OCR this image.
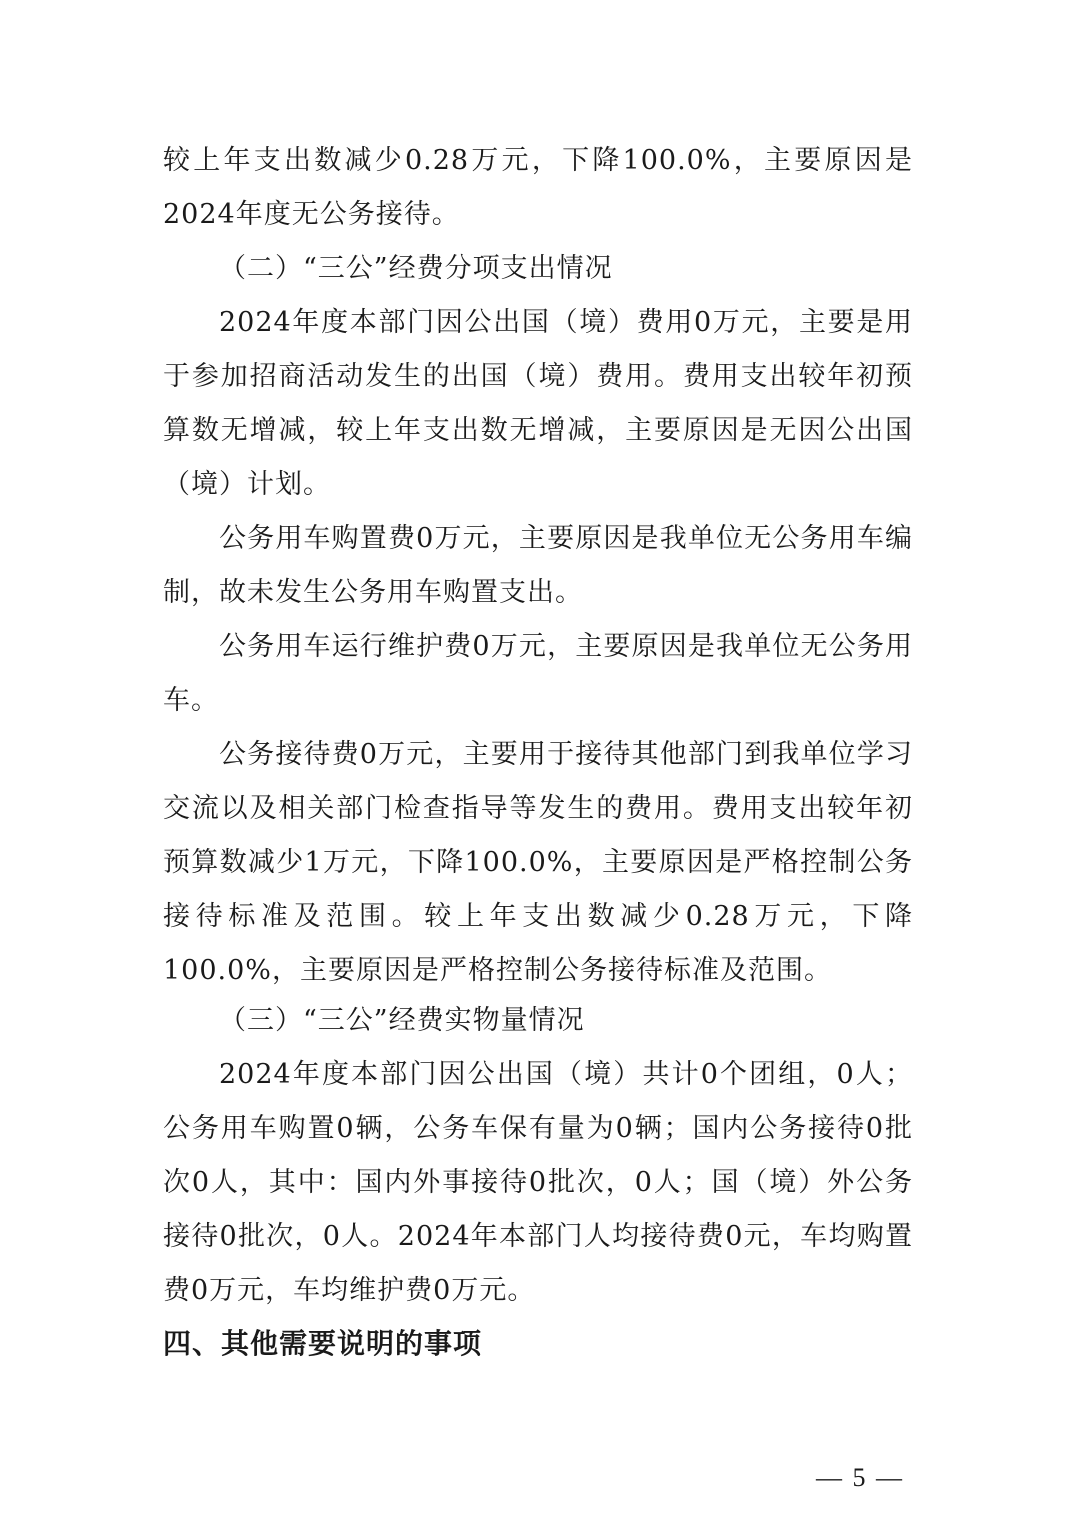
较上年支出数减少0.28万元，下降100.0%，主要原因是2024年度无公务接待。

（二）“三公”经费分项支出情况

2024年度本部门因公出国（境）费用0万元，主要是用于参加招商活动发生的出国（境）费用。费用支出较年初预算数无增减，较上年支出数无增减，主要原因是无因公出国（境）计划。

公务用车购置费0万元，主要原因是我单位无公务用车编制，故未发生公务用车购置支出。

公务用车运行维护费0万元，主要原因是我单位无公务用车。

公务接待费0万元，主要用于接待其他部门到我单位学习交流以及相关部门检查指导等发生的费用。费用支出较年初预算数减少1万元，下降100.0%，主要原因是严格控制公务接待标准及范围。较上年支出数减少0.28万元，下降100.0%，主要原因是严格控制公务接待标准及范围。

（三）“三公”经费实物量情况

2024年度本部门因公出国（境）共计0个团组，0人；公务用车购置0辆，公务车保有量为0辆；国内公务接待0批次0人，其中：国内外事接待0批次，0人；国（境）外公务接待0批次，0人。2024年本部门人均接待费0元，车均购置费0万元，车均维护费0万元。

四、其他需要说明的事项

— 5 —
